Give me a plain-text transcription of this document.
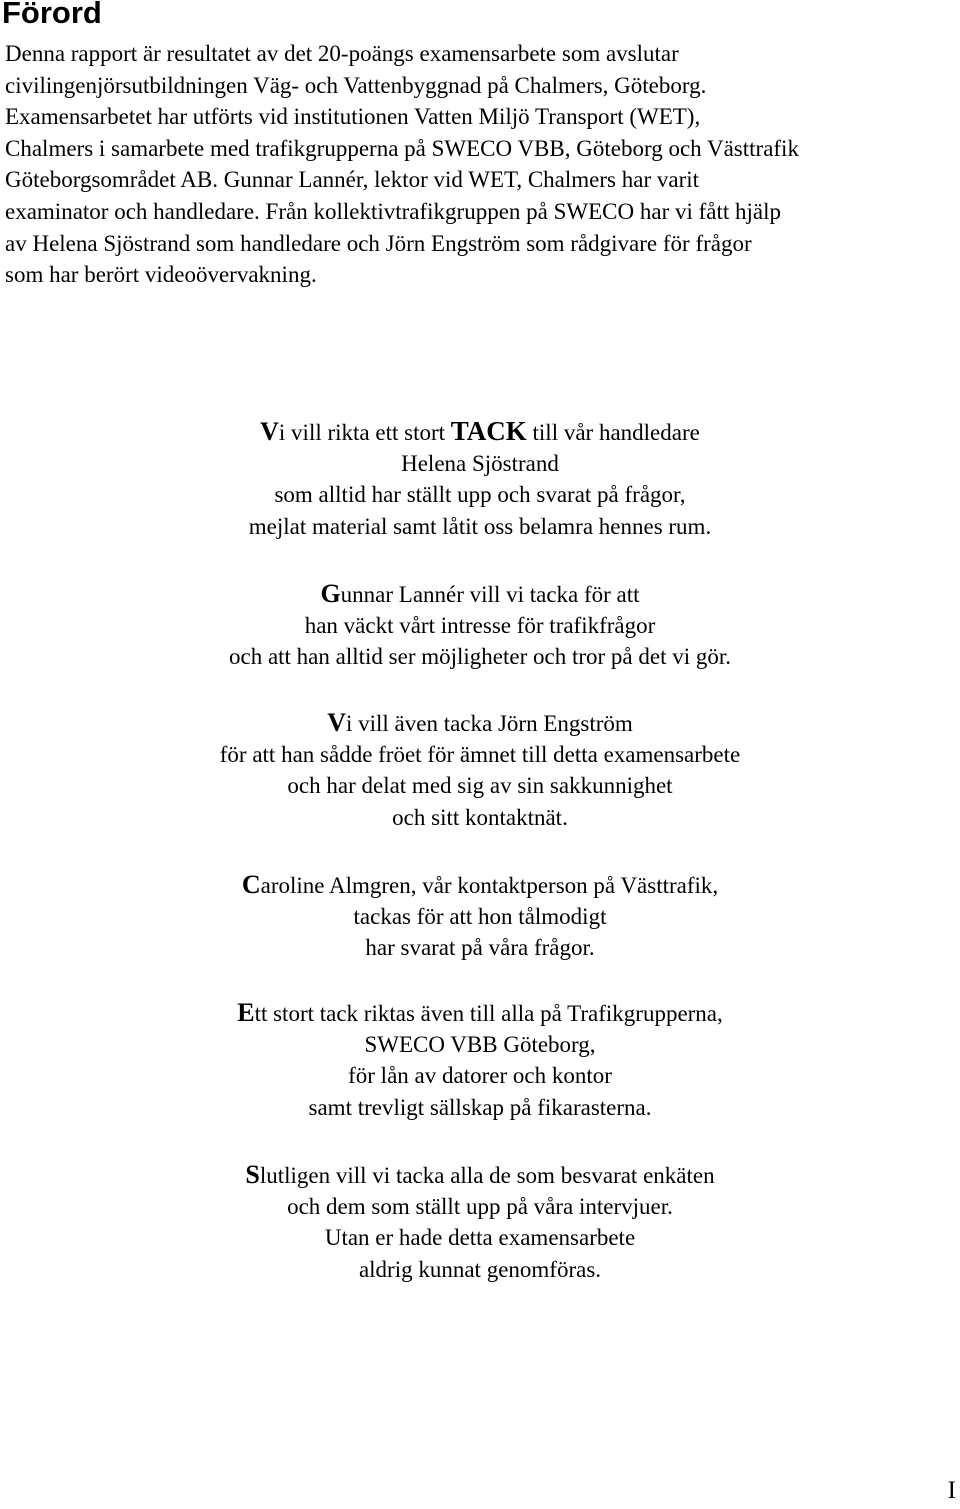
Förord

Denna rapport är resultatet av det 20-poängs examensarbete som avslutar
civilingenjörsutbildningen Väg- och Vattenbyggnad på Chalmers, Göteborg.
Examensarbetet har utförts vid institutionen Vatten Miljö Transport (WET),
Chalmers i samarbete med trafikgrupperna på SWECO VBB, Göteborg och Västtrafik
Göteborgsområdet AB. Gunnar Lannér, lektor vid WET, Chalmers har varit
examinator och handledare. Från kollektivtrafikgruppen på SWECO har vi fått hjälp
av Helena Sjöstrand som handledare och Jörn Engström som rådgivare för frågor
som har berört videoövervakning.

Vi vill rikta ett stort TACK till vår handledare
Helena Sjöstrand
som alltid har ställt upp och svarat på frågor,
mejlat material samt låtit oss belamra hennes rum.

Gunnar Lannér vill vi tacka för att
han väckt vårt intresse för trafikfrågor
och att han alltid ser möjligheter och tror på det vi gör.

Vi vill även tacka Jörn Engström
för att han sådde fröet för ämnet till detta examensarbete
och har delat med sig av sin sakkunnighet
och sitt kontaktnät.

Caroline Almgren, vår kontaktperson på Västtrafik,
tackas för att hon tålmodigt
har svarat på våra frågor.

Ett stort tack riktas även till alla på Trafikgrupperna,
SWECO VBB Göteborg,
för lån av datorer och kontor
samt trevligt sällskap på fikarasterna.

Slutligen vill vi tacka alla de som besvarat enkäten
och dem som ställt upp på våra intervjuer.
Utan er hade detta examensarbete
aldrig kunnat genomföras.

I
